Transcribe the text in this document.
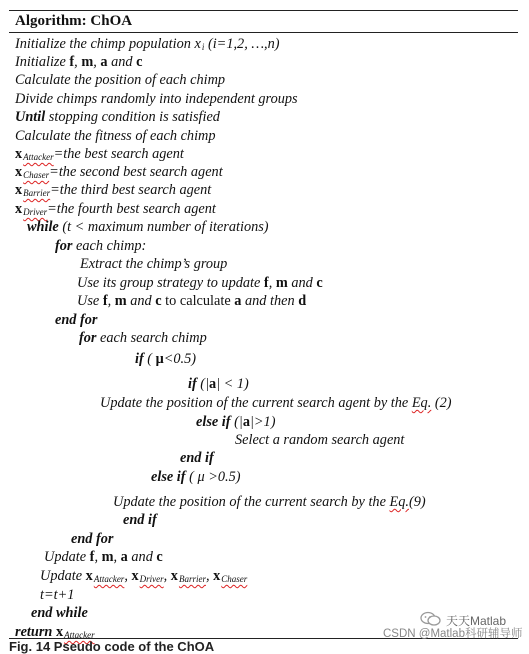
Algorithm: ChOA
Initialize the chimp population $x_i$ (i=1,2, …,n)
Initialize f, m, a and c
Calculate the position of each chimp
Divide chimps randomly into independent groups
Until stopping condition is satisfied
Calculate the fitness of each chimp
$x_{Attacker}=the$ best search agent
$x_{Chaser}=the$ second best search agent
$x_{Barrier}=the$ third best search agent
$x_{Driver}=the$ fourth best search agent
while (t < maximum number of iterations)
for each chimp:
Extract the chimp’s group
Use its group strategy to update f, m and c
Use f, m and c to calculate a and then d
end for
for each search chimp
if ( μ<0.5)
if (|a| < 1)
Update the position of the current search agent by the Eq. (2)
else if (|a|>1)
Select a random search agent
end if
else if ( μ >0.5)
Update the position of the current search by the Eq.(9)
end if
end for
Update f, m, a and c
Update $x_{Attacker}$, $x_{Driver}$, $x_{Barrier}$, $x_{Chaser}$
t=t+1
end while
return $x_{Attacker}$
Fig. 14 Pseudo code of the ChOA
天天Matlab
CSDN @Matlab科研辅导师
